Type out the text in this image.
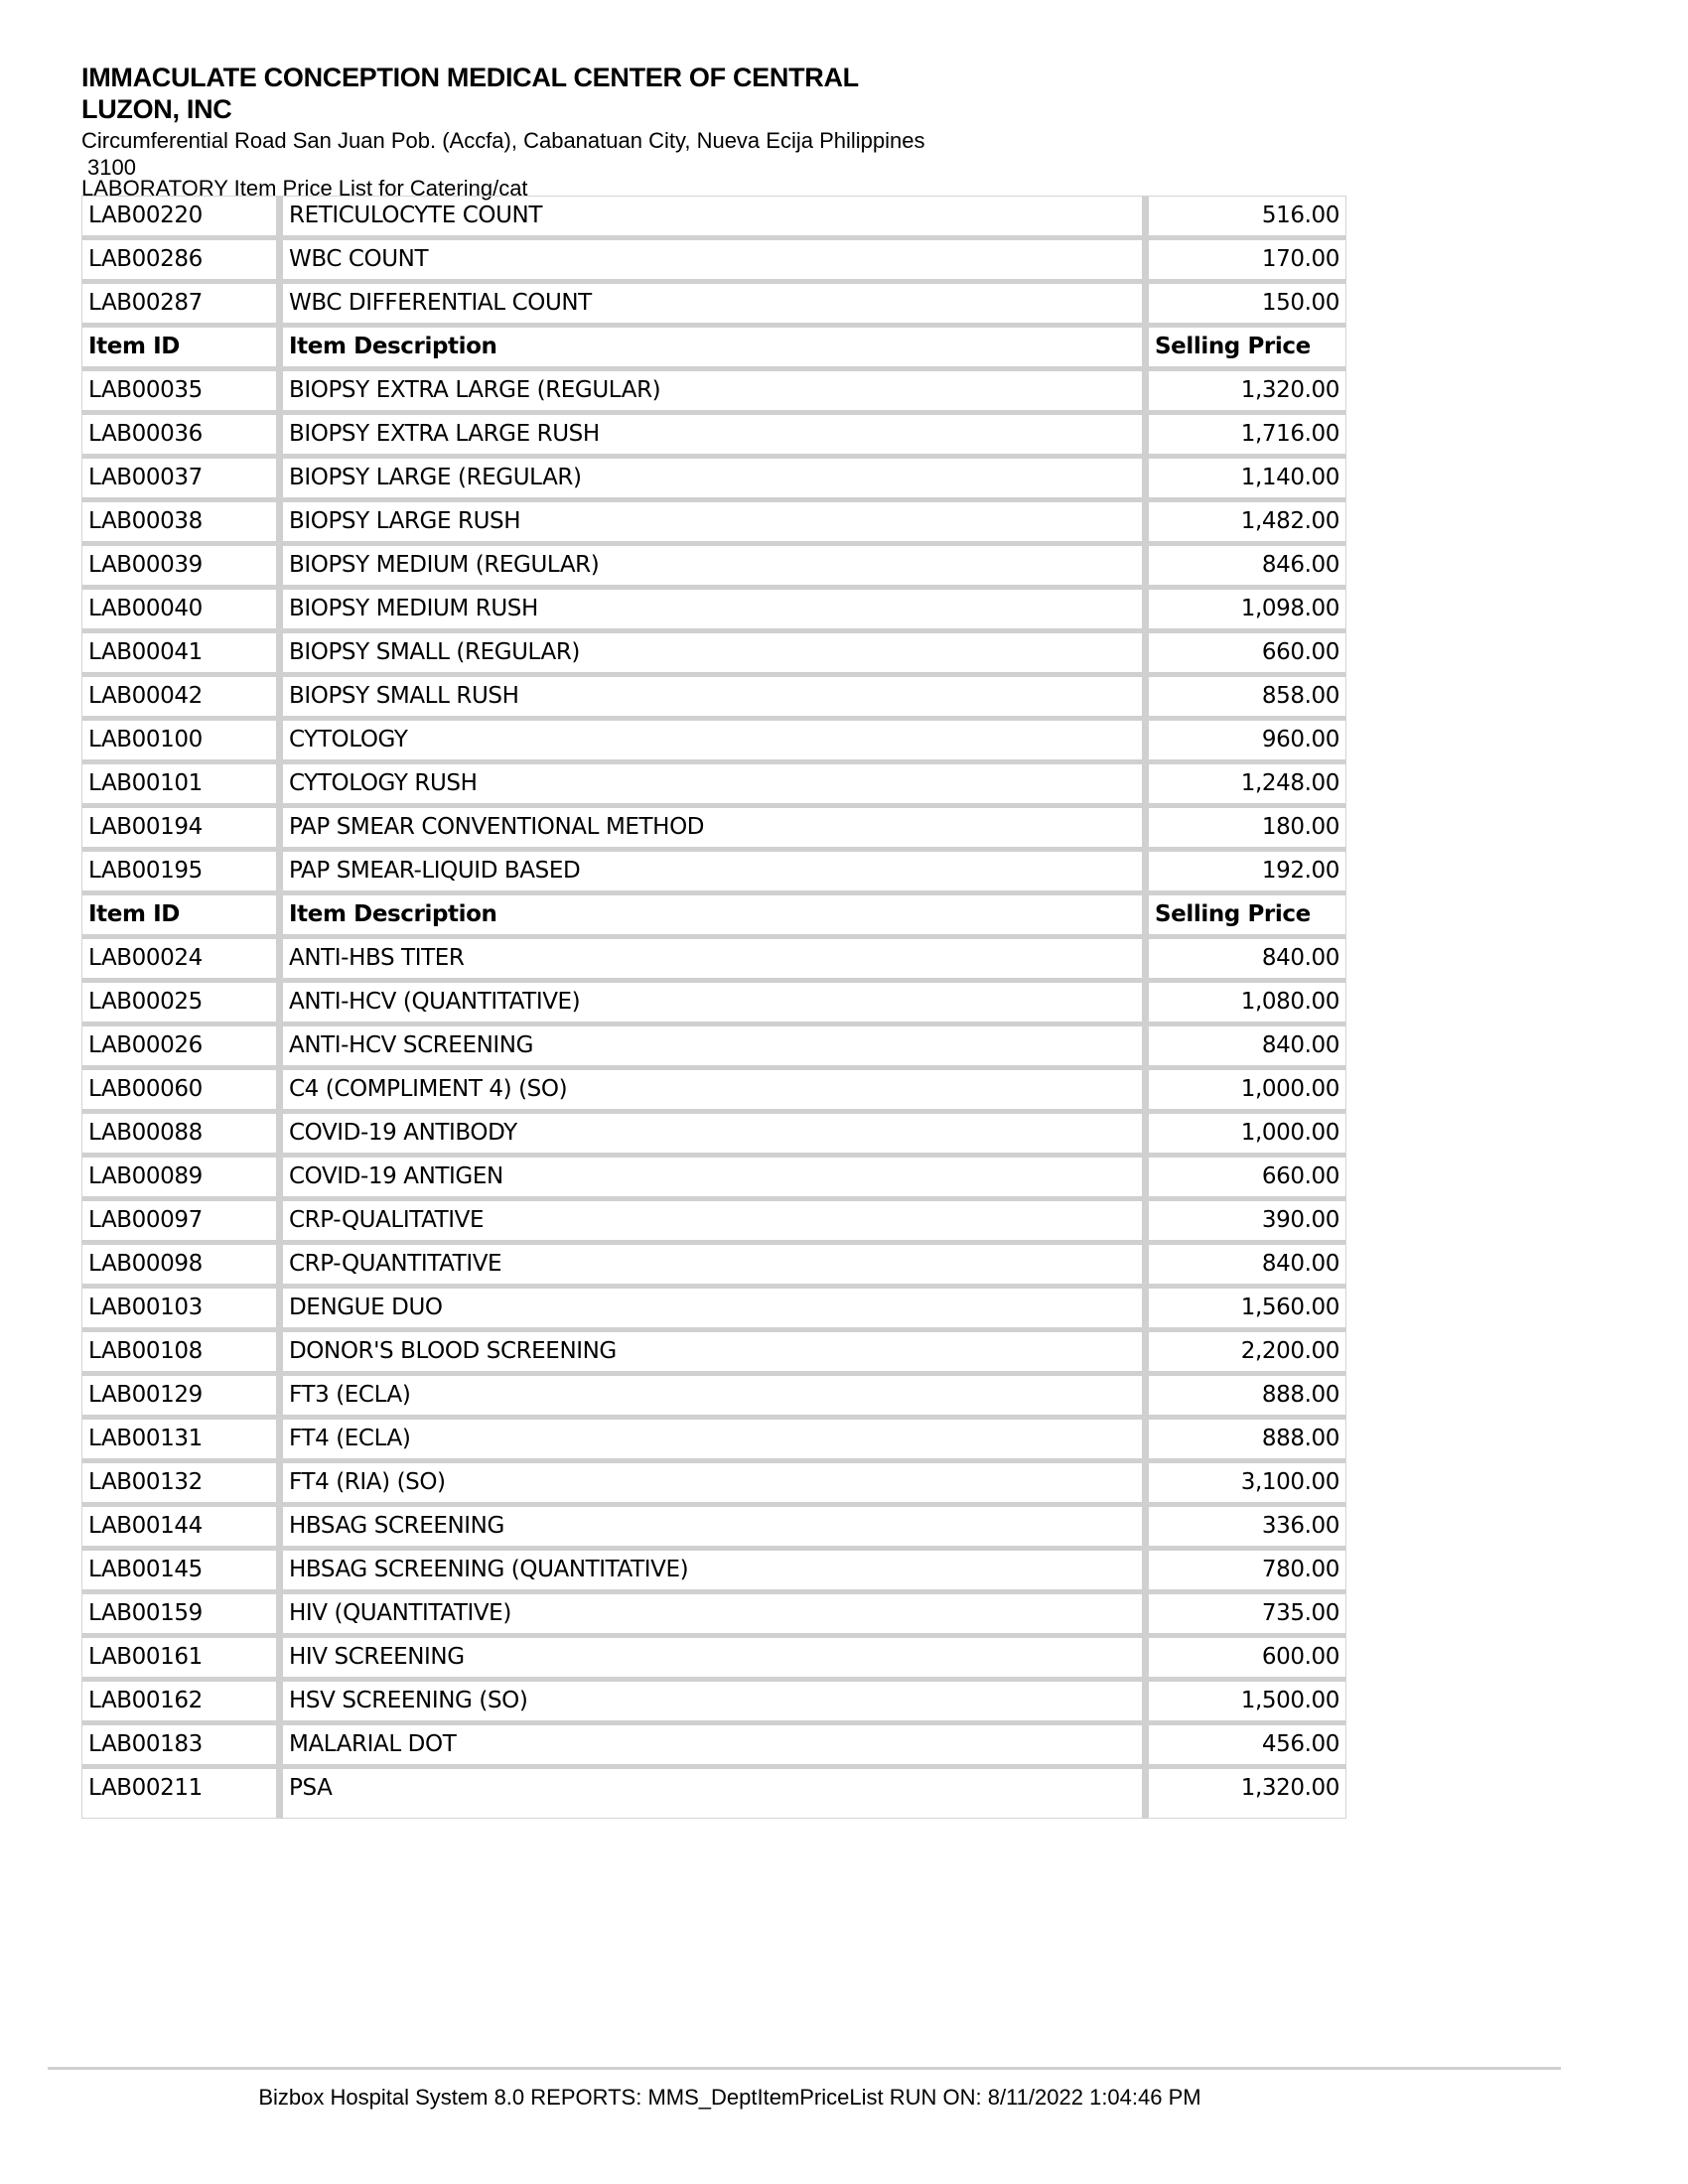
IMMACULATE CONCEPTION MEDICAL CENTER OF CENTRAL
LUZON, INC
Circumferential Road San Juan Pob. (Accfa), Cabanatuan City, Nueva Ecija Philippines
3100
LABORATORY Item Price List for Catering/cat
LAB00220	RETICULOCYTE COUNT	516.00
LAB00286	WBC COUNT	170.00
LAB00287	WBC DIFFERENTIAL COUNT	150.00
Item ID	Item Description	Selling Price
LAB00035	BIOPSY EXTRA LARGE (REGULAR)	1,320.00
LAB00036	BIOPSY EXTRA LARGE RUSH	1,716.00
LAB00037	BIOPSY LARGE (REGULAR)	1,140.00
LAB00038	BIOPSY LARGE RUSH	1,482.00
LAB00039	BIOPSY MEDIUM (REGULAR)	846.00
LAB00040	BIOPSY MEDIUM RUSH	1,098.00
LAB00041	BIOPSY SMALL (REGULAR)	660.00
LAB00042	BIOPSY SMALL RUSH	858.00
LAB00100	CYTOLOGY	960.00
LAB00101	CYTOLOGY RUSH	1,248.00
LAB00194	PAP SMEAR CONVENTIONAL METHOD	180.00
LAB00195	PAP SMEAR-LIQUID BASED	192.00
Item ID	Item Description	Selling Price
LAB00024	ANTI-HBS TITER	840.00
LAB00025	ANTI-HCV (QUANTITATIVE)	1,080.00
LAB00026	ANTI-HCV SCREENING	840.00
LAB00060	C4 (COMPLIMENT 4) (SO)	1,000.00
LAB00088	COVID-19 ANTIBODY	1,000.00
LAB00089	COVID-19 ANTIGEN	660.00
LAB00097	CRP-QUALITATIVE	390.00
LAB00098	CRP-QUANTITATIVE	840.00
LAB00103	DENGUE DUO	1,560.00
LAB00108	DONOR'S BLOOD SCREENING	2,200.00
LAB00129	FT3 (ECLA)	888.00
LAB00131	FT4 (ECLA)	888.00
LAB00132	FT4 (RIA) (SO)	3,100.00
LAB00144	HBSAG SCREENING	336.00
LAB00145	HBSAG SCREENING (QUANTITATIVE)	780.00
LAB00159	HIV (QUANTITATIVE)	735.00
LAB00161	HIV SCREENING	600.00
LAB00162	HSV SCREENING (SO)	1,500.00
LAB00183	MALARIAL DOT	456.00
LAB00211	PSA	1,320.00
Bizbox Hospital System 8.0 REPORTS: MMS_DeptItemPriceList RUN ON: 8/11/2022 1:04:46 PM
